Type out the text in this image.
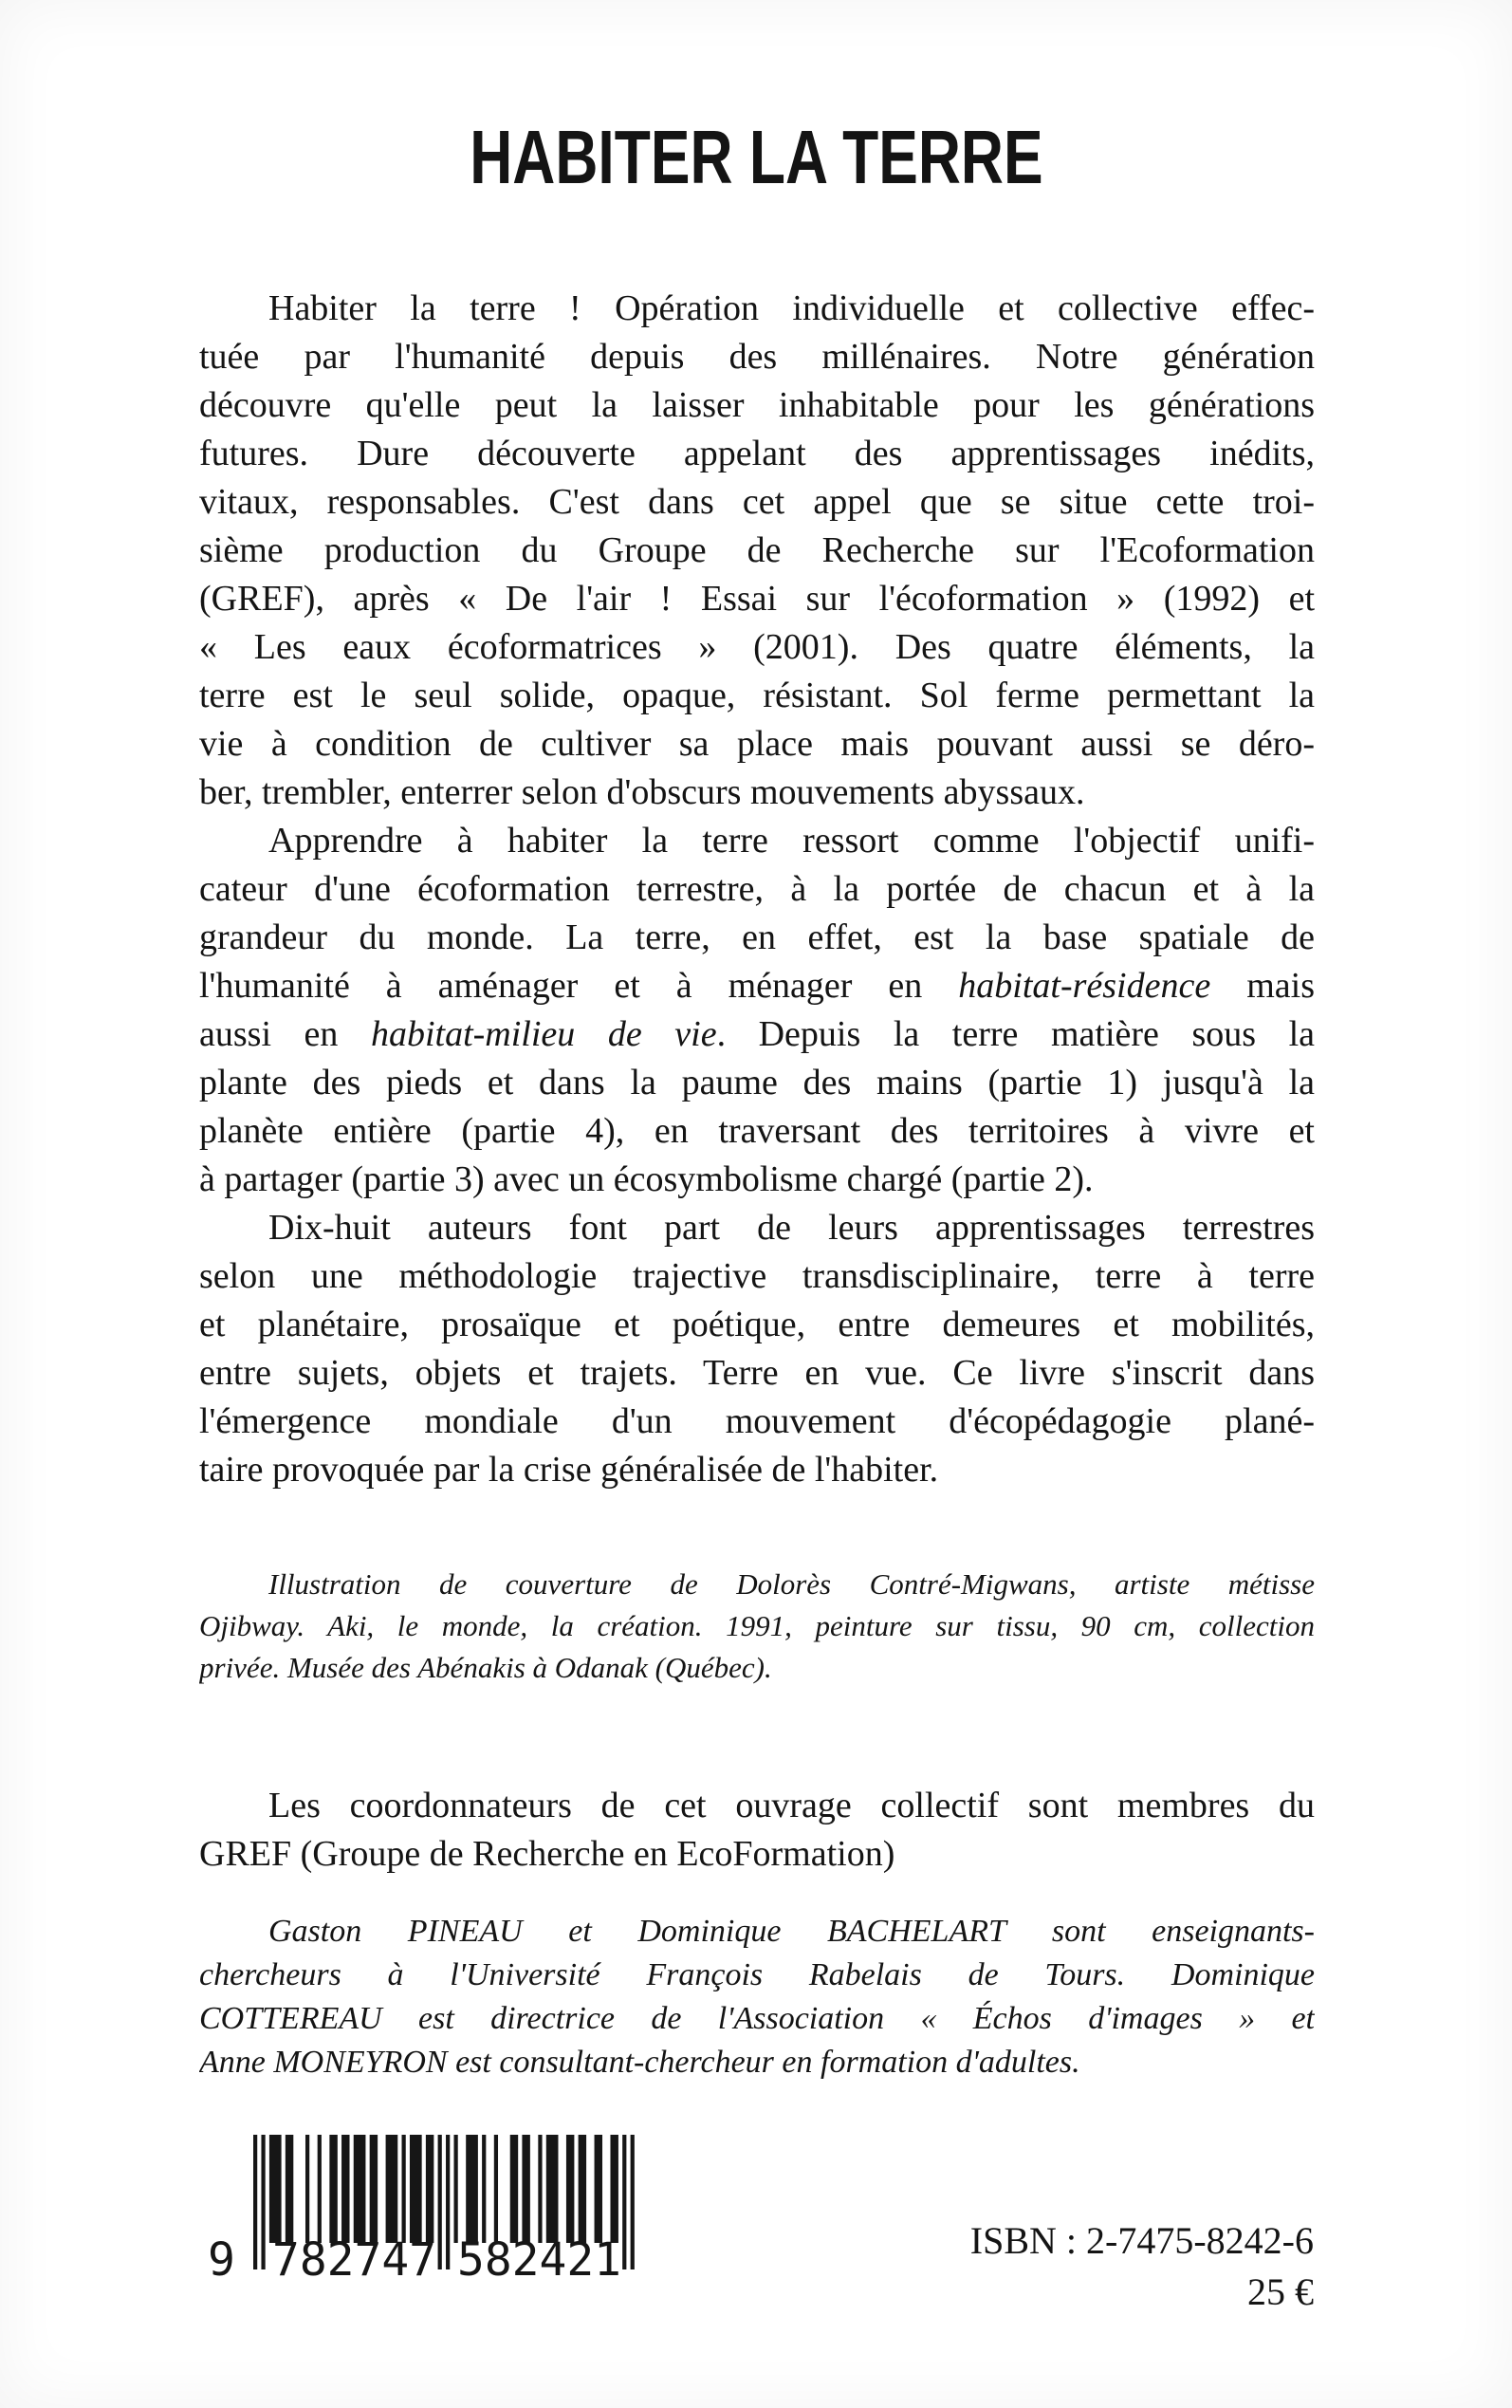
HABITER LA TERRE
Habiter la terre ! Opération individuelle et collective effec-
tuée par l'humanité depuis des millénaires. Notre génération
découvre qu'elle peut la laisser inhabitable pour les générations
futures. Dure découverte appelant des apprentissages inédits,
vitaux, responsables. C'est dans cet appel que se situe cette troi-
sième production du Groupe de Recherche sur l'Ecoformation
(GREF), après « De l'air ! Essai sur l'écoformation » (1992) et
« Les eaux écoformatrices » (2001). Des quatre éléments, la
terre est le seul solide, opaque, résistant. Sol ferme permettant la
vie à condition de cultiver sa place mais pouvant aussi se déro-
ber, trembler, enterrer selon d'obscurs mouvements abyssaux.
Apprendre à habiter la terre ressort comme l'objectif unifi-
cateur d'une écoformation terrestre, à la portée de chacun et à la
grandeur du monde. La terre, en effet, est la base spatiale de
l'humanité à aménager et à ménager en habitat-résidence mais
aussi en habitat-milieu de vie. Depuis la terre matière sous la
plante des pieds et dans la paume des mains (partie 1) jusqu'à la
planète entière (partie 4), en traversant des territoires à vivre et
à partager (partie 3) avec un écosymbolisme chargé (partie 2).
Dix-huit auteurs font part de leurs apprentissages terrestres
selon une méthodologie trajective transdisciplinaire, terre à terre
et planétaire, prosaïque et poétique, entre demeures et mobilités,
entre sujets, objets et trajets. Terre en vue. Ce livre s'inscrit dans
l'émergence mondiale d'un mouvement d'écopédagogie plané-
taire provoquée par la crise généralisée de l'habiter.
Illustration de couverture de Dolorès Contré-Migwans, artiste métisse
Ojibway. Aki, le monde, la création. 1991, peinture sur tissu, 90 cm, collection
privée. Musée des Abénakis à Odanak (Québec).
Les coordonnateurs de cet ouvrage collectif sont membres du
GREF (Groupe de Recherche en EcoFormation)
Gaston PINEAU et Dominique BACHELART sont enseignants-
chercheurs à l'Université François Rabelais de Tours. Dominique
COTTEREAU est directrice de l'Association « Échos d'images » et
Anne MONEYRON est consultant-chercheur en formation d'adultes.
9 782747 582421	ISBN : 2-7475-8242-6
25 €
